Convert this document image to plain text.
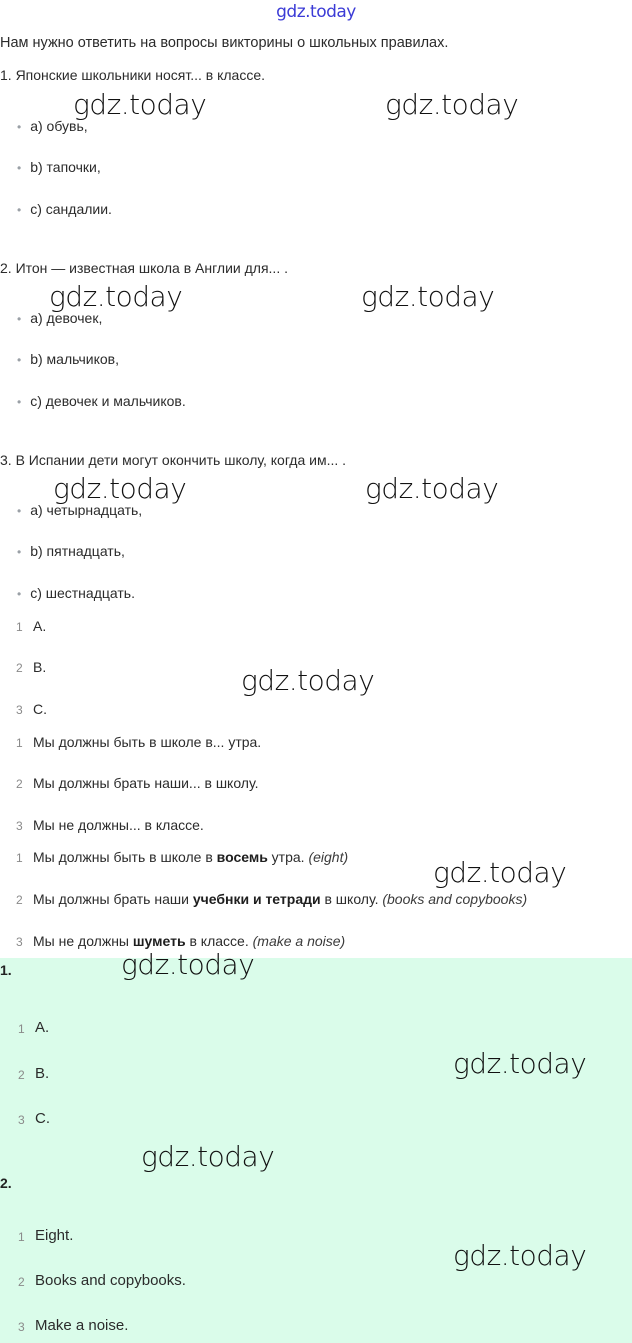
gdz.today
Нам нужно ответить на вопросы викторины о школьных правилах.
1. Японские школьники носят... в классе.
• a) обувь,
• b) тапочки,
• c) сандалии.
2. Итон — известная школа в Англии для... .
• a) девочек,
• b) мальчиков,
• c) девочек и мальчиков.
3. В Испании дети могут окончить школу, когда им... .
• a) четырнадцать,
• b) пятнадцать,
• c) шестнадцать.
1 A.
2 B.
3 C.
1 Мы должны быть в школе в... утра.
2 Мы должны брать наши... в школу.
3 Мы не должны... в классе.
1 Мы должны быть в школе в восемь утра. (eight)
2 Мы должны брать наши учебнки и тетради в школу. (books and copybooks)
3 Мы не должны шуметь в классе. (make a noise)
1.
1 A.
2 B.
3 C.
2.
1 Eight.
2 Books and copybooks.
3 Make a noise.
gdz.today	gdz.today
gdz.today	gdz.today
gdz.today	gdz.today
gdz.today
gdz.today
gdz.today
gdz.today
gdz.today
gdz.today
